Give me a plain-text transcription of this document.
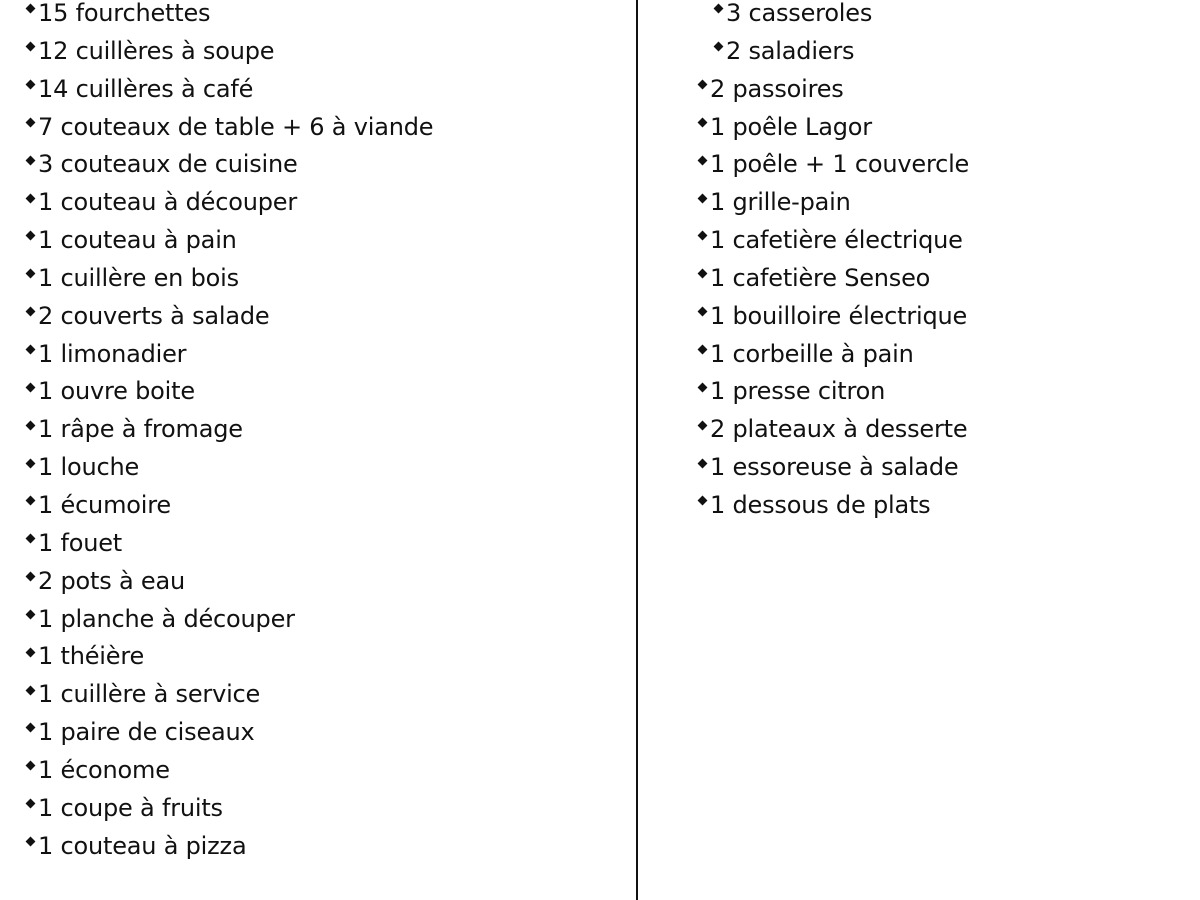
15 fourchettes
12 cuillères à soupe
14 cuillères à café
7 couteaux de table + 6 à viande
3 couteaux de cuisine
1 couteau à découper
1 couteau à pain
1 cuillère en bois
2 couverts à salade
1 limonadier
1 ouvre boite
1 râpe à fromage
1 louche
1 écumoire
1 fouet
2 pots à eau
1 planche à découper
1 théière
1 cuillère à service
1 paire de ciseaux
1 économe
1 coupe à fruits
1 couteau à pizza
3 casseroles
2 saladiers
2 passoires
1 poêle Lagor
1 poêle + 1 couvercle
1 grille-pain
1 cafetière électrique
1 cafetière Senseo
1 bouilloire électrique
1 corbeille à pain
1 presse citron
2 plateaux à desserte
1 essoreuse à salade
1 dessous de plats
